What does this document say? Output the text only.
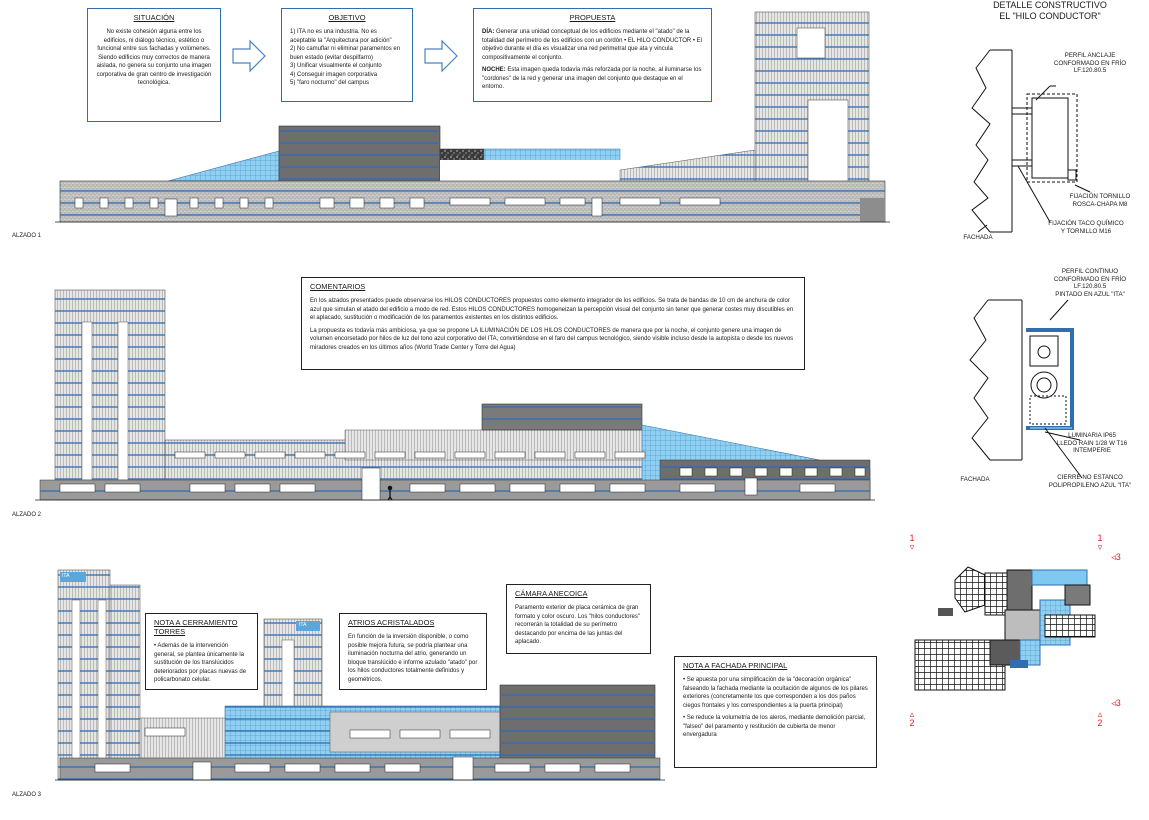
SITUACIÓN
No existe cohesión alguna entre los edificios, ni diálogo técnico, estético o funcional entre sus fachadas y volúmenes. Siendo edificios muy correctos de manera aislada, no genera su conjunto una imagen corporativa de gran centro de investigación tecnológica.
OBJETIVO
1) ITA no es una industria. No es aceptable la "Arquitectura por adición"
2) No camuflar ni eliminar paramentos en buen estado (evitar despilfarro)
3) Unificar visualmente el conjunto
4) Conseguir imagen corporativa
5) "faro nocturno" del campus
PROPUESTA
DÍA: Generar una unidad conceptual de los edificios mediante el "atado" de la totalidad del perímetro de los edificios con un cordón • EL HILO CONDUCTOR • El objetivo durante el día es visualizar una red perimetral que ata y vincula compositivamente el conjunto.
NOCHE: Esta imagen queda todavía más reforzada por la noche, al iluminarse los "cordones" de la red y generar una imagen del conjunto que destaque en el entorno.
COMENTARIOS
En los alzados presentados puede observarse los HILOS CONDUCTORES propuestos como elemento integrador de los edificios. Se trata de bandas de 10 cm de anchura de color azul que simulan el atado del edificio a modo de red. Estos HILOS CONDUCTORES homogeneizan la percepción visual del conjunto sin tener que generar costes muy discutibles en el aplacado, sustitución o modificación de los paramentos existentes en los distintos edificios.
La propuesta es todavía más ambiciosa, ya que se propone LA ILUMINACIÓN DE LOS HILOS CONDUCTORES de manera que por la noche, el conjunto genere una imagen de volumen encorsetado por hilos de luz del tono azul corporativo del ITA, convirtiéndose en el faro del campus tecnológico, siendo visible incluso desde la autopista o desde los nuevos miradores creados en los últimos años (World Trade Center y Torre del Agua)
NOTA A CERRAMIENTO TORRES
• Además de la intervención general, se plantea únicamente la sustitución de los translúcidos deteriorados por placas nuevas de policarbonato celular.
ATRIOS ACRISTALADOS
En función de la inversión disponible, o como posible mejora futura, se podría plantear una iluminación nocturna del atrio, generando un bloque translúcido e informe azulado "atado" por los hilos conductores totalmente definidos y geométricos.
CÁMARA ANECOICA
Paramento exterior de placa cerámica de gran formato y color oscuro. Los "hilos conductores" recorrerán la totalidad de su perímetro destacando por encima de las juntas del aplacado.
NOTA A FACHADA PRINCIPAL
• Se apuesta por una simplificación de la "decoración orgánica" falseando la fachada mediante la ocultación de algunos de los pilares exteriores (concretamente los que corresponden a los dos paños ciegos frontales y los correspondientes a la puerta principal)
• Se reduce la volumetría de los aleros, mediante demolición parcial, "falseo" del paramento y restitución de cubierta de menor envergadura
ALZADO 1
ALZADO 2
ALZADO 3
ITA
ITA
DETALLE CONSTRUCTIVO
EL "HILO CONDUCTOR"
PERFIL ANCLAJE
CONFORMADO EN FRÍO
LF.120.80.5
FIJACIÓN TORNILLO
ROSCA-CHAPA M8
FIJACIÓN TACO QUÍMICO
Y TORNILLO M16
FACHADA
PERFIL CONTINUO
CONFORMADO EN FRÍO
LF.120.80.5
PINTADO EN AZUL "ITA"
LUMINARIA IP65
LLEDO RAIN 1/28 W T16
INTEMPERIE
CIERRE NO ESTANCO
POLIPROPILENO AZUL "ITA"
FACHADA
1
▿
1
▿
◃3
◃3
▵
2
▵
2
